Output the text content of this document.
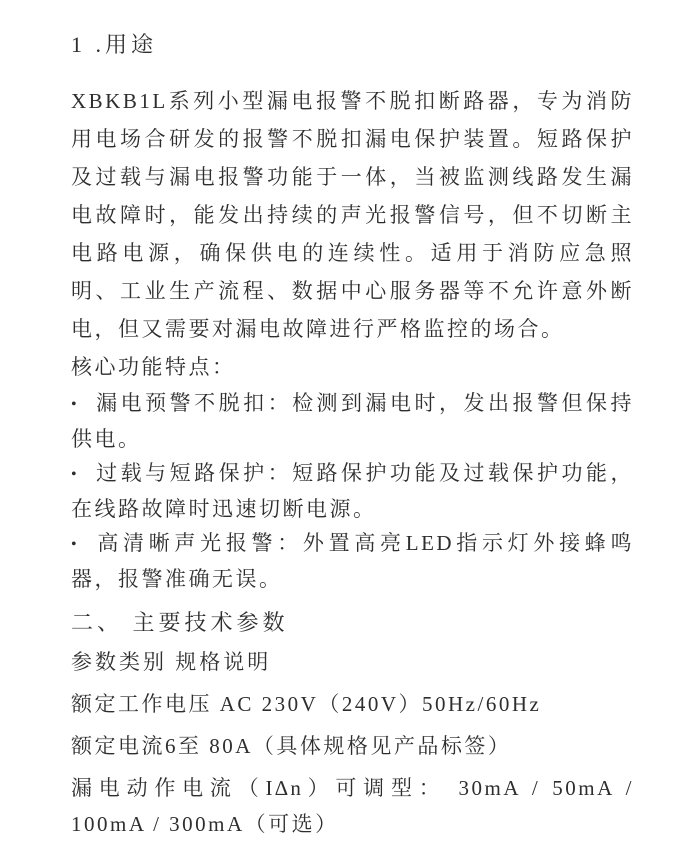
1 .用途

XBKB1L系列小型漏电报警不脱扣断路器，专为消防用电场合研发的报警不脱扣漏电保护装置。短路保护及过载与漏电报警功能于一体，当被监测线路发生漏电故障时，能发出持续的声光报警信号，但不切断主电路电源，确保供电的连续性。适用于消防应急照明、工业生产流程、数据中心服务器等不允许意外断电，但又需要对漏电故障进行严格监控的场合。

核心功能特点：

• 漏电预警不脱扣：检测到漏电时，发出报警但保持供电。

• 过载与短路保护：短路保护功能及过载保护功能，在线路故障时迅速切断电源。

• 高清晰声光报警：外置高亮LED指示灯外接蜂鸣器，报警准确无误。

二、 主要技术参数

参数类别 规格说明

额定工作电压 AC 230V（240V）50Hz/60Hz

额定电流6至 80A（具体规格见产品标签）

漏电动作电流（I∆n）可调型： 30mA / 50mA / 100mA / 300mA（可选）
